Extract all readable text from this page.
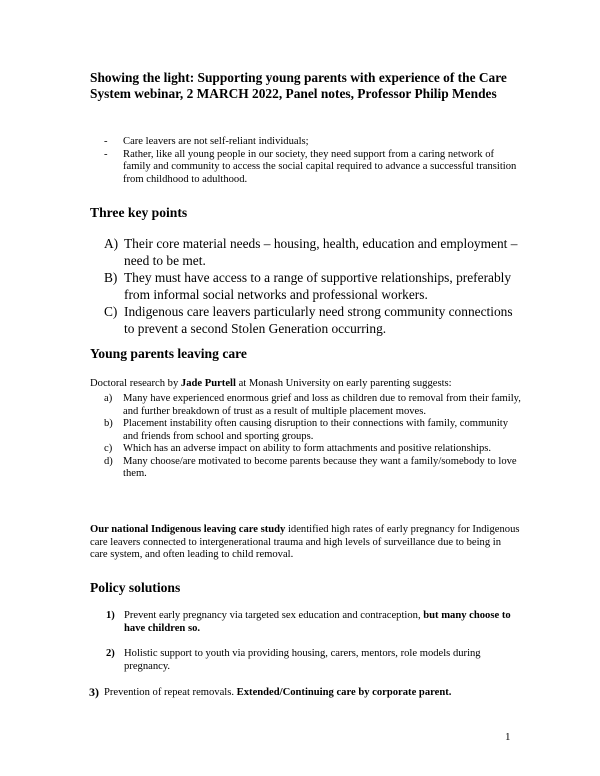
Showing the light: Supporting young parents with experience of the Care System webinar, 2 MARCH 2022, Panel notes, Professor Philip Mendes
- Care leavers are not self-reliant individuals;
- Rather, like all young people in our society, they need support from a caring network of family and community to access the social capital required to advance a successful transition from childhood to adulthood.
Three key points
A) Their core material needs – housing, health, education and employment – need to be met.
B) They must have access to a range of supportive relationships, preferably from informal social networks and professional workers.
C) Indigenous care leavers particularly need strong community connections to prevent a second Stolen Generation occurring.
Young parents leaving care

Doctoral research by Jade Purtell at Monash University on early parenting suggests:

a) Many have experienced enormous grief and loss as children due to removal from their family, and further breakdown of trust as a result of multiple placement moves.
b) Placement instability often causing disruption to their connections with family, community and friends from school and sporting groups.
c) Which has an adverse impact on ability to form attachments and positive relationships.
d) Many choose/are motivated to become parents because they want a family/somebody to love them.

Our national Indigenous leaving care study identified high rates of early pregnancy for Indigenous care leavers connected to intergenerational trauma and high levels of surveillance due to being in care system, and often leading to child removal.

Policy solutions

1) Prevent early pregnancy via targeted sex education and contraception, but many choose to have children so.

2) Holistic support to youth via providing housing, carers, mentors, role models during pregnancy.

3) Prevention of repeat removals. Extended/Continuing care by corporate parent.

1
